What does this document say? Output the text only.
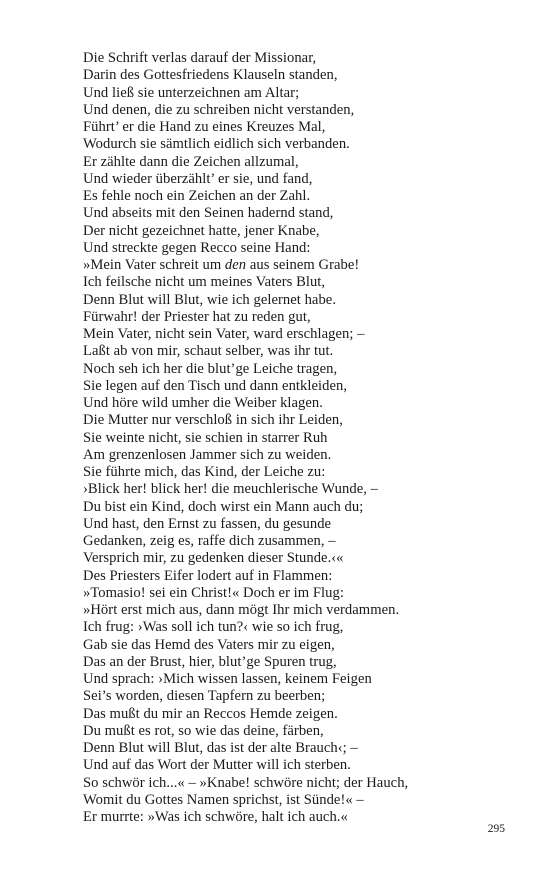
Die Schrift verlas darauf der Missionar,
Darin des Gottesfriedens Klauseln standen,
Und ließ sie unterzeichnen am Altar;
Und denen, die zu schreiben nicht verstanden,
Führt’ er die Hand zu eines Kreuzes Mal,
Wodurch sie sämtlich eidlich sich verbanden.
Er zählte dann die Zeichen allzumal,
Und wieder überzählt’ er sie, und fand,
Es fehle noch ein Zeichen an der Zahl.
Und abseits mit den Seinen hadernd stand,
Der nicht gezeichnet hatte, jener Knabe,
Und streckte gegen Recco seine Hand:
»Mein Vater schreit um den aus seinem Grabe!
Ich feilsche nicht um meines Vaters Blut,
Denn Blut will Blut, wie ich gelernet habe.
Fürwahr! der Priester hat zu reden gut,
Mein Vater, nicht sein Vater, ward erschlagen; –
Laßt ab von mir, schaut selber, was ihr tut.
Noch seh ich her die blut’ge Leiche tragen,
Sie legen auf den Tisch und dann entkleiden,
Und höre wild umher die Weiber klagen.
Die Mutter nur verschloß in sich ihr Leiden,
Sie weinte nicht, sie schien in starrer Ruh
Am grenzenlosen Jammer sich zu weiden.
Sie führte mich, das Kind, der Leiche zu:
›Blick her! blick her! die meuchlerische Wunde, –
Du bist ein Kind, doch wirst ein Mann auch du;
Und hast, den Ernst zu fassen, du gesunde
Gedanken, zeig es, raffe dich zusammen, –
Versprich mir, zu gedenken dieser Stunde.‹«
Des Priesters Eifer lodert auf in Flammen:
»Tomasio! sei ein Christ!« Doch er im Flug:
»Hört erst mich aus, dann mögt Ihr mich verdammen.
Ich frug: ›Was soll ich tun?‹ wie so ich frug,
Gab sie das Hemd des Vaters mir zu eigen,
Das an der Brust, hier, blut’ge Spuren trug,
Und sprach: ›Mich wissen lassen, keinem Feigen
Sei’s worden, diesen Tapfern zu beerben;
Das mußt du mir an Reccos Hemde zeigen.
Du mußt es rot, so wie das deine, färben,
Denn Blut will Blut, das ist der alte Brauch‹; –
Und auf das Wort der Mutter will ich sterben.
So schwör ich...« – »Knabe! schwöre nicht; der Hauch,
Womit du Gottes Namen sprichst, ist Sünde!« –
Er murrte: »Was ich schwöre, halt ich auch.«
295
